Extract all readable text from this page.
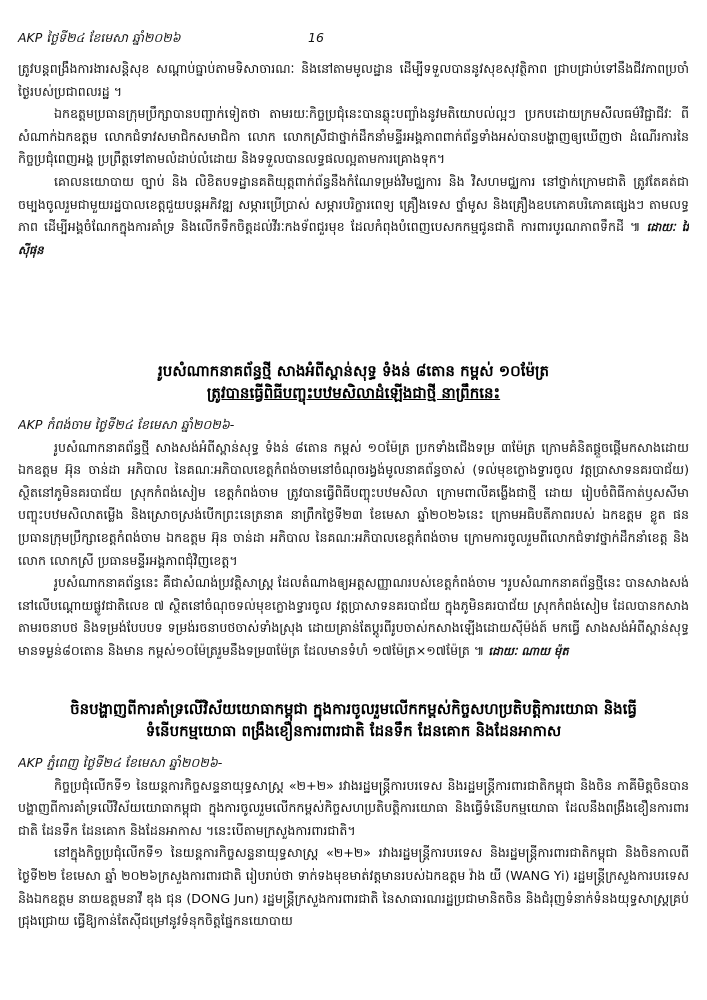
AKP ថ្ងៃទី២៤ ខែមេសា ឆ្នាំ២០២៦	16
ត្រូវបន្តពង្រឹងការងារសន្តិសុខ សណ្តាប់ធ្នាប់តាមទិសាចារណៈ និងនៅតាមមូលដ្ឋាន ដើម្បីទទួលបាននូវសុខសុវត្ថិភាព ជ្រាបជ្រាប់ទៅនឹងជីវភាពប្រចាំថ្ងៃរបស់ប្រជាពលរដ្ឋ ។
ឯកឧត្តមប្រធានក្រុមប្រឹក្សាបានបញ្ជាក់ទៀតថា តាមរយៈកិច្ចប្រជុំនេះបានឆ្លុះបញ្ចាំងនូវមតិយោបល់ល្អៗ ប្រកបដោយក្រមសីលធម៌វិជ្ជាជីវៈ ពីសំណាក់ឯកឧត្តម លោកជំទាវសមាជិកសមាជិកា លោក លោកស្រីជាថ្នាក់ដឹកនាំមន្ទីរអង្គភាពពាក់ព័ន្ធទាំងអស់បានបង្ហាញឲ្យឃើញថា ដំណើរការនៃកិច្ចប្រជុំពេញអង្គ ប្រព្រឹត្តទៅតាមលំដាប់លំដោយ និងទទួលបានលទ្ធផលល្អតាមការគ្រោងទុក។
គោលនយោបាយ ច្បាប់ និង លិខិតបទដ្ឋានគតិយុត្តពាក់ព័ន្ធនឹងកំណែទម្រង់វិមជ្ឈការ និង វិសហមជ្ឈការ នៅថ្នាក់ក្រោមជាតិ ត្រូវតែគត់ជាចម្បងចូលរួមជាមួយរដ្ឋបាលខេត្តជួយបន្តអភិវឌ្ឍ សម្ភារប្រើប្រាស់ សម្ភារបរិក្ខារពេទ្យ គ្រឿងទេស ថ្នាំមូស និងគ្រឿងឧបភោគបរិភោគផ្សេងៗ តាមលទ្ធភាព ដើម្បីអង្គចំណែកក្នុងការគាំទ្រ និងលើកទឹកចិត្តដល់វីរៈកងទ័ពជួរមុខ ដែលកំពុងបំពេញបេសកកម្មជូនជាតិ ការពារបូរណភាពទឹកដី ៕ ដោយៈ វៃ សុីផុន
រូបសំណាកនាគព័ន្ធថ្មី សាងអំពីស្ពាន់សុទ្ធ ទំងន់ ៨តោន កម្ពស់ ១០ម៉ែត្រ
ត្រូវបានធ្វើពិធីបញ្ចុះបឋមសិលាដំឡើងជាថ្មី នាព្រឹកនេះ
AKP កំពង់ចាម ថ្ងៃទី២៤ ខែមេសា ឆ្នាំ២០២៦-
រូបសំណាកនាគព័ន្ធថ្មី សាងសង់អំពីស្ពាន់សុទ្ធ ទំងន់ ៨តោន កម្ពស់ ១០ម៉ែត្រ ប្រកទាំងជើងទម្រ ៣ម៉ែត្រ ក្រោមគំនិតផ្ដួចផ្ដើមកសាងដោយ ឯកឧត្តម អ៊ុន ចាន់ដា អភិបាល នៃគណៈអភិបាលខេត្តកំពង់ចាមនៅចំណុចរង្វង់មូលនាគព័ន្ធចាស់ (ទល់មុខក្លោងទ្វារចូល វត្តប្រាសាទនគរបាជ័យ) ស្ថិតនៅភូមិនគរបាជ័យ ស្រុកកំពង់សៀម ខេត្តកំពង់ចាម ត្រូវបានធ្វើពិធីបញ្ចុះបឋមសិលា ក្រោមពាលីគង្លើងជាថ្មី ដោយ រៀបចំពិធីកាត់ឫសសីមា បញ្ចុះបឋមសិលាតម្លើង និងស្រោចស្រង់បើកព្រះនេត្រនាគ នាព្រឹកថ្ងៃទី២៣ ខែមេសា ឆ្នាំ២០២៦នេះ ក្រោមអធិបតីភាពរបស់ ឯកឧត្តម ខ្លូត ផន ប្រធានក្រុមប្រឹក្សាខេត្តកំពង់ចាម ឯកឧត្តម អ៊ុន ចាន់ដា អភិបាល នៃគណៈអភិបាលខេត្តកំពង់ចាម ក្រោមការចូលរួមពីលោកជំទាវថ្នាក់ដឹកនាំខេត្ត និង លោក លោកស្រី ប្រធានមន្ទីរអង្គភាពជុំវិញខេត្ត។
រូបសំណាកនាគព័ន្ធនេះ គឺជាសំណង់ប្រវត្តិសាស្ត្រ ដែលតំណាងឲ្យអត្តសញ្ញាណរបស់ខេត្តកំពង់ចាម ។រូបសំណាកនាគព័ន្ធថ្មីនេះ បានសាងសង់នៅលើបណ្តោយផ្លូវជាតិលេខ ៧ ស្ថិតនៅចំណុចទល់មុខក្លោងទ្វារចូល វត្តប្រាសាទនគរបាជ័យ ក្នុងភូមិនគរបាជ័យ ស្រុកកំពង់សៀម ដែលបានកសាងតាមរចនាបថ និងទម្រង់បែបបទ ទម្រង់រចនាបថចាស់ទាំងស្រុង ដោយគ្រាន់តែប្ដូរពីរូបចាស់កសាងឡើងដោយស៊ីម៉ង់ត៍ មកធ្វើ សាងសង់អំពីស្ពាន់សុទ្ធមានទម្ងន់៨០តោន និងមាន កម្ពស់១០ម៉ែត្ររួមនឹងទម្រ៣ម៉ែត្រ ដែលមានទំហំ ១៧ម៉ែត្រ×១៧ម៉ែត្រ ៕ ដោយៈ ណាយ ម៉ុត
ចិនបង្ហាញពីការគាំទ្រលើវិស័យយោធាកម្ពុជា ក្នុងការចូលរួមលើកកម្ពស់កិច្ចសហប្រតិបត្តិការយោធា និងធ្វើ
ទំនើបកម្មយោធា ពង្រឹងខឿនការពារជាតិ ដែនទឹក ដែនគោក និងដែនអាកាស
AKP ភ្នំពេញ ថ្ងៃទី២៤ ខែមេសា ឆ្នាំ២០២៦-
កិច្ចប្រជុំលើកទី១ នៃយន្តការកិច្ចសន្ទនាយុទ្ធសាស្ត្រ «២+២» រវាងរដ្ឋមន្ត្រីការបរទេស និងរដ្ឋមន្ត្រីការពារជាតិកម្ពុជា និងចិន ភាគីមិត្តចិនបានបង្ហាញពីការគាំទ្រលើវិស័យយោធាកម្ពុជា ក្នុងការចូលរួមលើកកម្ពស់កិច្ចសហប្រតិបត្តិការយោធា និងធ្វើទំនើបកម្មយោធា ដែលនឹងពង្រឹងខឿនការពារជាតិ ដែនទឹក ដែនគោក និងដែនអាកាស ។នេះបើតាមក្រសួងការពារជាតិ។
នៅក្នុងកិច្ចប្រជុំលើកទី១ នៃយន្តការកិច្ចសន្ទនាយុទ្ធសាស្ត្រ «២+២» រវាងរដ្ឋមន្ត្រីការបរទេស និងរដ្ឋមន្ត្រីការពារជាតិកម្ពុជា និងចិនកាលពីថ្ងៃទី២២ ខែមេសា ឆ្នាំ ២០២៦ក្រសួងការពារជាតិ រៀបរាប់ថា ទាក់ទងមុខមាត់វត្តមានរបស់ឯកឧត្តម វ៉ាង យី (WANG Yi) រដ្ឋមន្ត្រីក្រសួងការបរទេស និងឯកឧត្តម នាយឧត្តមនាវី ឌុង ជុន (DONG Jun) រដ្ឋមន្ត្រីក្រសួងការពារជាតិ នៃសាធារណរដ្ឋប្រជាមានិតចិន និងជំរុញទំនាក់ទំនងយុទ្ធសាស្ត្រគ្រប់ជ្រុងជ្រោយ ធ្វើឱ្យកាន់តែស៊ីជម្រៅនូវទំនុកចិត្តផ្នែកនយោបាយ
